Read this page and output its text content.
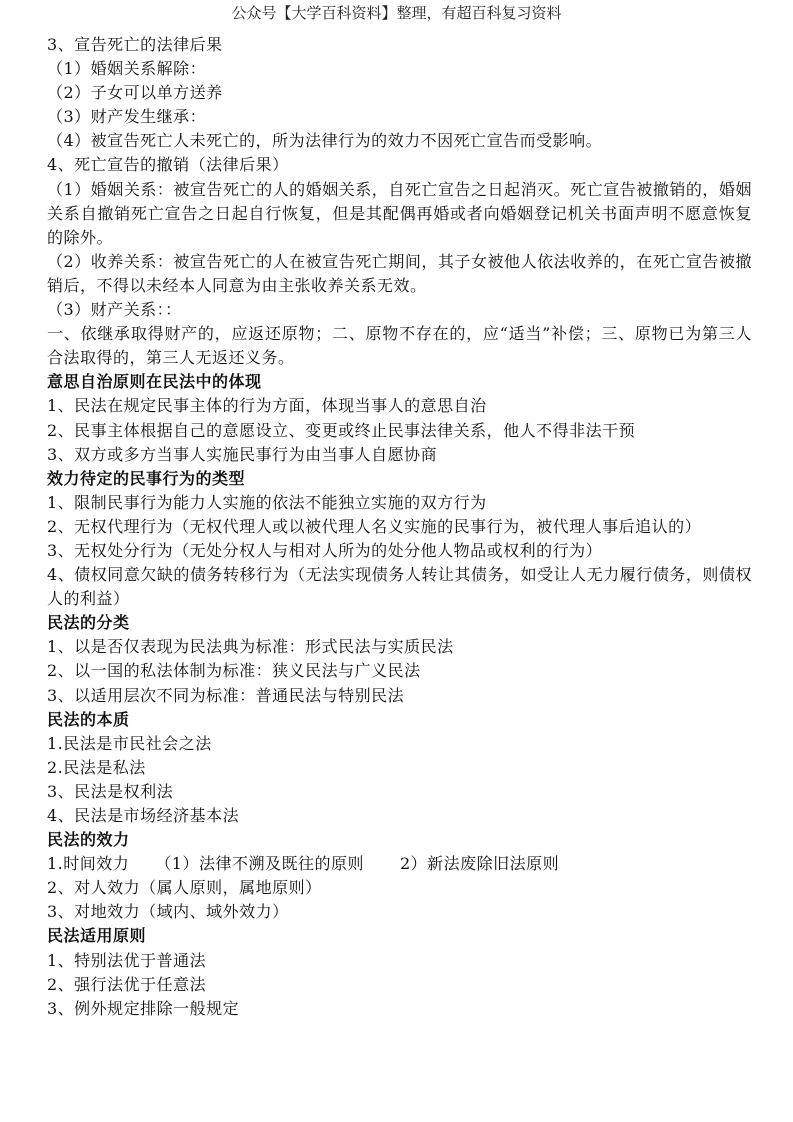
公众号【大学百科资料】整理，有超百科复习资料
3、宣告死亡的法律后果
（1）婚姻关系解除：
（2）子女可以单方送养
（3）财产发生继承：
（4）被宣告死亡人未死亡的，所为法律行为的效力不因死亡宣告而受影响。
4、死亡宣告的撤销（法律后果）
（1）婚姻关系：被宣告死亡的人的婚姻关系，自死亡宣告之日起消灭。死亡宣告被撤销的，婚姻关系自撤销死亡宣告之日起自行恢复，但是其配偶再婚或者向婚姻登记机关书面声明不愿意恢复的除外。
（2）收养关系：被宣告死亡的人在被宣告死亡期间，其子女被他人依法收养的，在死亡宣告被撤销后，不得以未经本人同意为由主张收养关系无效。
（3）财产关系：：
一、依继承取得财产的，应返还原物；二、原物不存在的，应“适当”补偿；三、原物已为第三人合法取得的，第三人无返还义务。
意思自治原则在民法中的体现
1、民法在规定民事主体的行为方面，体现当事人的意思自治
2、民事主体根据自己的意愿设立、变更或终止民事法律关系，他人不得非法干预
3、双方或多方当事人实施民事行为由当事人自愿协商
效力待定的民事行为的类型
1、限制民事行为能力人实施的依法不能独立实施的双方行为
2、无权代理行为（无权代理人或以被代理人名义实施的民事行为，被代理人事后追认的）
3、无权处分行为（无处分权人与相对人所为的处分他人物品或权利的行为）
4、债权同意欠缺的债务转移行为（无法实现债务人转让其债务，如受让人无力履行债务，则债权人的利益）
民法的分类
1、以是否仅表现为民法典为标准：形式民法与实质民法
2、以一国的私法体制为标准：狭义民法与广义民法
3、以适用层次不同为标准：普通民法与特别民法
民法的本质
1.民法是市民社会之法
2.民法是私法
3、民法是权利法
4、民法是市场经济基本法
民法的效力
1.时间效力 （1）法律不溯及既往的原则 2）新法废除旧法原则
2、对人效力（属人原则，属地原则）
3、对地效力（域内、域外效力）
民法适用原则
1、特别法优于普通法
2、强行法优于任意法
3、例外规定排除一般规定
